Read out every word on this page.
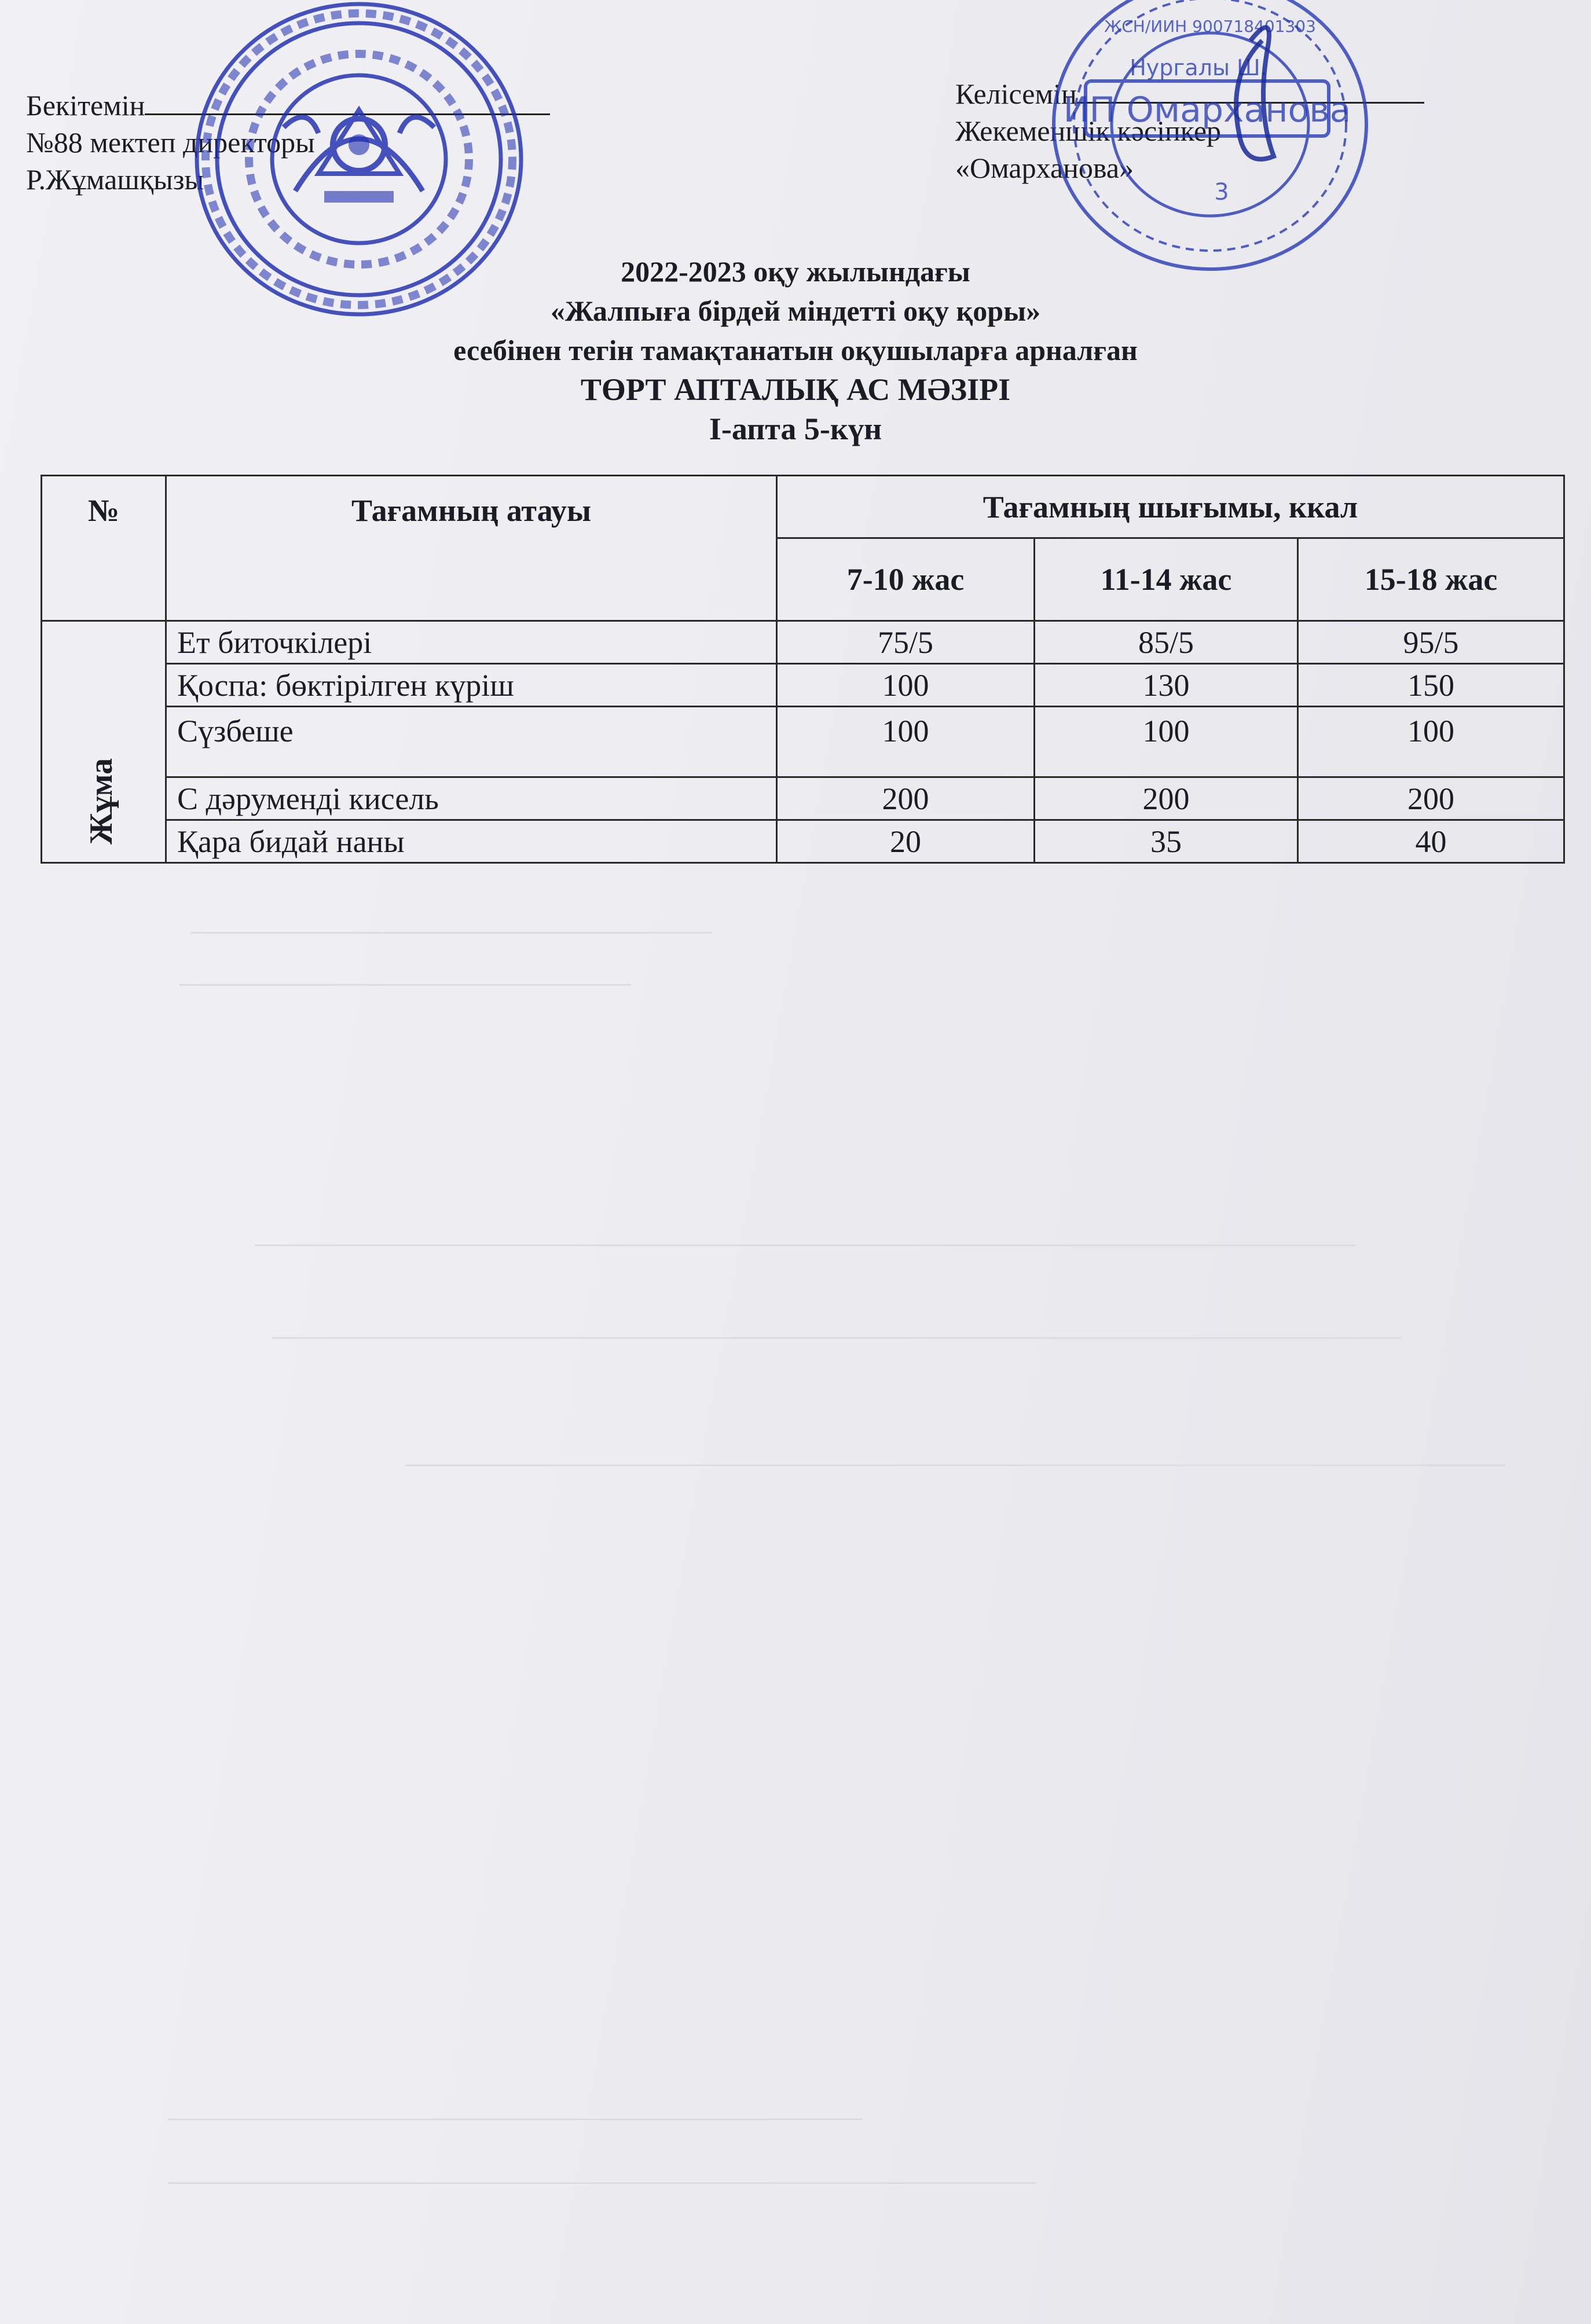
Бекітемін
№88 мектеп директоры
Р.Жұмашқызы
Келісемін
Жекеменшік кәсіпкер
«Омарханова»
ИП Омарханова
Нургалы Ш.
ЖСН/ИИН 900718401303
3
2022-2023 оқу жылындағы
«Жалпыға бірдей міндетті оқу қоры»
есебінен тегін тамақтанатын оқушыларға арналған
ТӨРТ АПТАЛЫҚ АС МӘЗІРІ
І-апта 5-күн
№	Тағамның атауы	Тағамның шығымы, ккал		
		7-10 жас	11-14 жас	15-18 жас

Жұма	Ет биточкілері	75/5	85/5	95/5
	Қоспа: бөктірілген күріш	100	130	150
	Сүзбеше	100	100	100
	С дәруменді кисель	200	200	200
	Қара бидай наны	20	35	40
